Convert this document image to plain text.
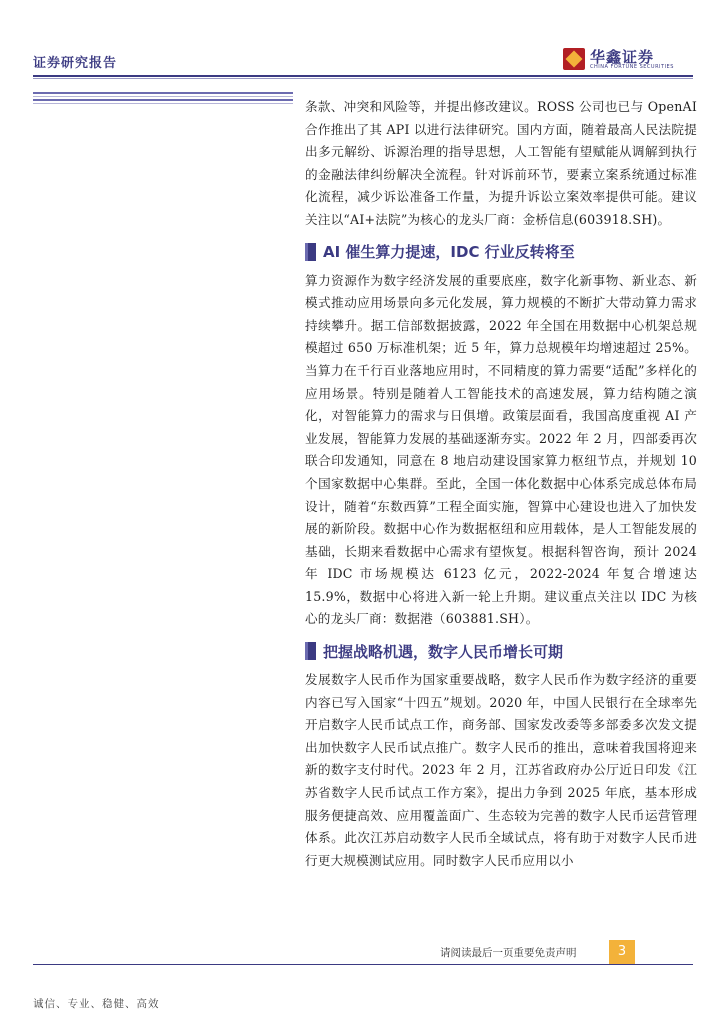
证券研究报告	华鑫证券
CHINA FORTUNE SECURITIES

条款、冲突和风险等，并提出修改建议。ROSS 公司也已与 OpenAI 合作推出了其 API 以进行法律研究。国内方面，随着最高人民法院提出多元解纷、诉源治理的指导思想，人工智能有望赋能从调解到执行的金融法律纠纷解决全流程。针对诉前环节，要素立案系统通过标准化流程，减少诉讼准备工作量，为提升诉讼立案效率提供可能。建议关注以“AI+法院”为核心的龙头厂商：金桥信息(603918.SH)。

AI 催生算力提速，IDC 行业反转将至

算力资源作为数字经济发展的重要底座，数字化新事物、新业态、新模式推动应用场景向多元化发展，算力规模的不断扩大带动算力需求持续攀升。据工信部数据披露，2022 年全国在用数据中心机架总规模超过 650 万标准机架；近 5 年，算力总规模年均增速超过 25%。当算力在千行百业落地应用时，不同精度的算力需要“适配”多样化的应用场景。特别是随着人工智能技术的高速发展，算力结构随之演化，对智能算力的需求与日俱增。政策层面看，我国高度重视 AI 产业发展，智能算力发展的基础逐渐夯实。2022 年 2 月，四部委再次联合印发通知，同意在 8 地启动建设国家算力枢纽节点，并规划 10 个国家数据中心集群。至此，全国一体化数据中心体系完成总体布局设计，随着“东数西算”工程全面实施，智算中心建设也进入了加快发展的新阶段。数据中心作为数据枢纽和应用载体，是人工智能发展的基础，长期来看数据中心需求有望恢复。根据科智咨询，预计 2024 年 IDC 市场规模达 6123 亿元，2022-2024 年复合增速达 15.9%，数据中心将进入新一轮上升期。建议重点关注以 IDC 为核心的龙头厂商：数据港（603881.SH）。

把握战略机遇，数字人民币增长可期

发展数字人民币作为国家重要战略，数字人民币作为数字经济的重要内容已写入国家“十四五”规划。2020 年，中国人民银行在全球率先开启数字人民币试点工作，商务部、国家发改委等多部委多次发文提出加快数字人民币试点推广。数字人民币的推出，意味着我国将迎来新的数字支付时代。2023 年 2 月，江苏省政府办公厅近日印发《江苏省数字人民币试点工作方案》，提出力争到 2025 年底，基本形成服务便捷高效、应用覆盖面广、生态较为完善的数字人民币运营管理体系。此次江苏启动数字人民币全域试点，将有助于对数字人民币进行更大规模测试应用。同时数字人民币应用以小

请阅读最后一页重要免责声明	3
诚信、专业、稳健、高效
